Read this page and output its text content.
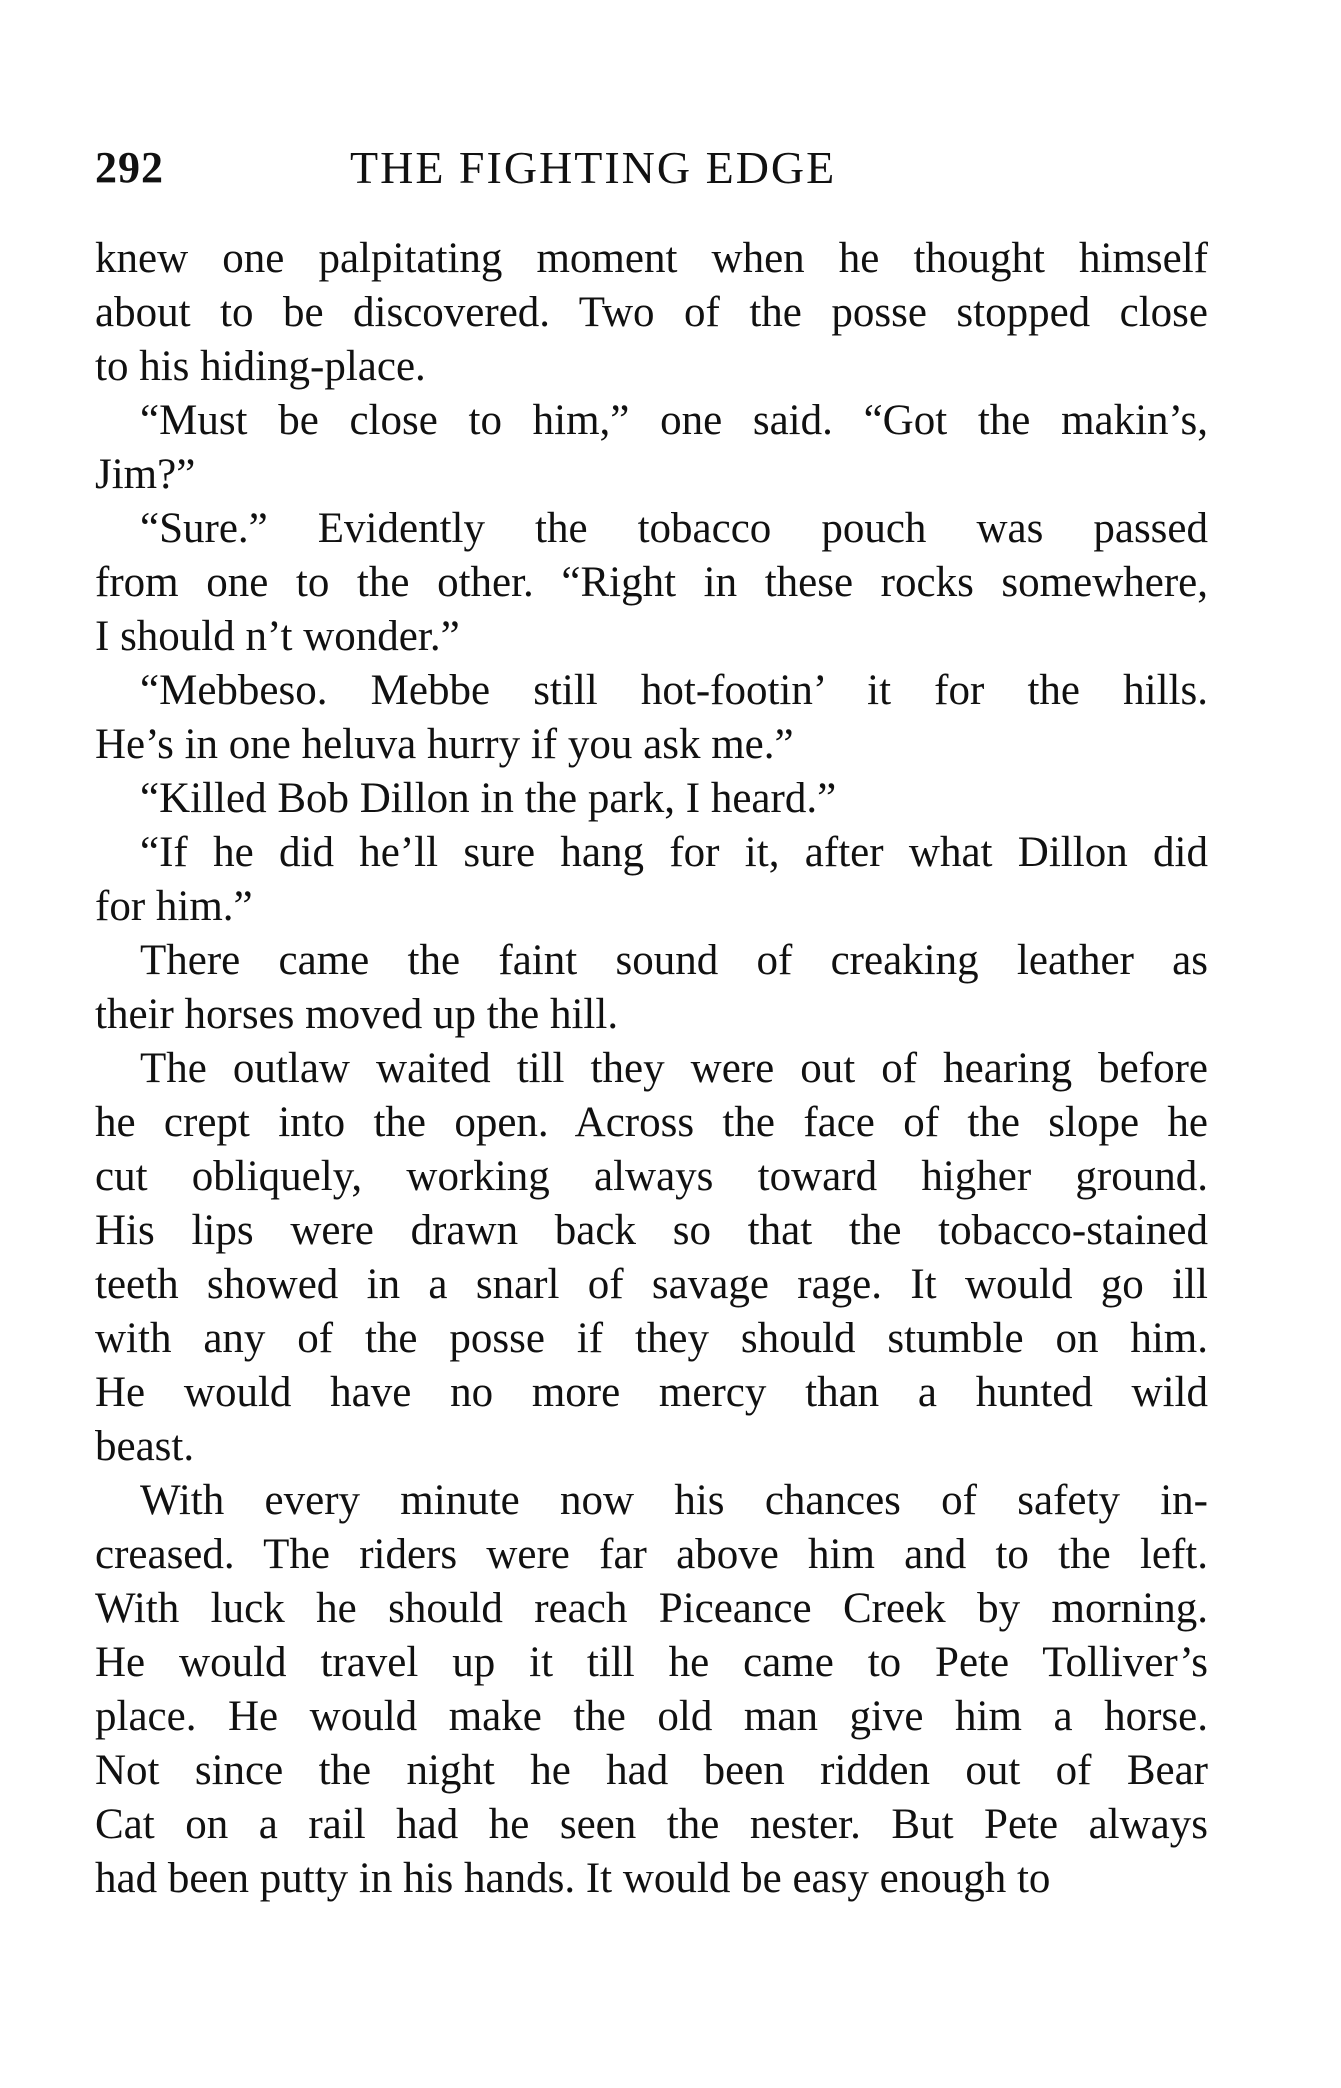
292	THE FIGHTING EDGE
knew one palpitating moment when he thought himself
about to be discovered. Two of the posse stopped close
to his hiding-place.
“Must be close to him,” one said. “Got the makin’s,
Jim?”
“Sure.” Evidently the tobacco pouch was passed
from one to the other. “Right in these rocks somewhere,
I should n’t wonder.”
“Mebbeso. Mebbe still hot-footin’ it for the hills.
He’s in one heluva hurry if you ask me.”
“Killed Bob Dillon in the park, I heard.”
“If he did he’ll sure hang for it, after what Dillon did
for him.”
There came the faint sound of creaking leather as
their horses moved up the hill.
The outlaw waited till they were out of hearing before
he crept into the open. Across the face of the slope he
cut obliquely, working always toward higher ground.
His lips were drawn back so that the tobacco-stained
teeth showed in a snarl of savage rage. It would go ill
with any of the posse if they should stumble on him.
He would have no more mercy than a hunted wild
beast.
With every minute now his chances of safety in-
creased. The riders were far above him and to the left.
With luck he should reach Piceance Creek by morning.
He would travel up it till he came to Pete Tolliver’s
place. He would make the old man give him a horse.
Not since the night he had been ridden out of Bear
Cat on a rail had he seen the nester. But Pete always
had been putty in his hands. It would be easy enough to
